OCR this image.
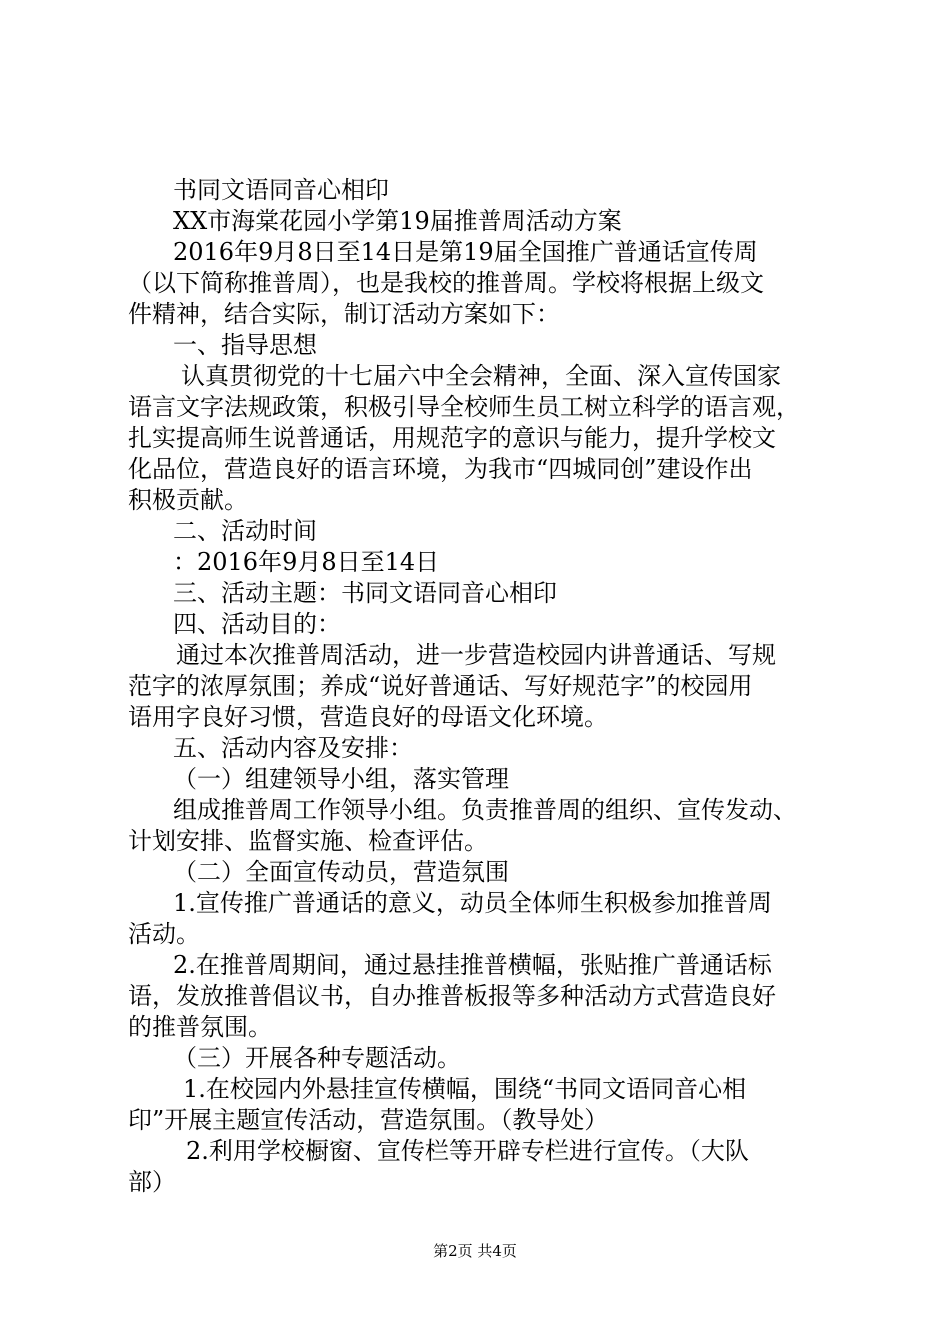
书同文语同音心相印
XX市海棠花园小学第19届推普周活动方案
2016年9月8日至14日是第19届全国推广普通话宣传周
（以下简称推普周），也是我校的推普周。学校将根据上级文
件精神，结合实际，制订活动方案如下：
一、指导思想
认真贯彻党的十七届六中全会精神，全面、深入宣传国家
语言文字法规政策，积极引导全校师生员工树立科学的语言观，
扎实提高师生说普通话，用规范字的意识与能力，提升学校文
化品位，营造良好的语言环境，为我市“四城同创”建设作出
积极贡献。
二、活动时间
：2016年9月8日至14日
三、活动主题：书同文语同音心相印
四、活动目的：
通过本次推普周活动，进一步营造校园内讲普通话、写规
范字的浓厚氛围；养成“说好普通话、写好规范字”的校园用
语用字良好习惯，营造良好的母语文化环境。
五、活动内容及安排：
（一）组建领导小组，落实管理
组成推普周工作领导小组。负责推普周的组织、宣传发动、
计划安排、监督实施、检查评估。
（二）全面宣传动员，营造氛围
1.宣传推广普通话的意义，动员全体师生积极参加推普周
活动。
2.在推普周期间，通过悬挂推普横幅，张贴推广普通话标
语，发放推普倡议书，自办推普板报等多种活动方式营造良好
的推普氛围。
（三）开展各种专题活动。
1.在校园内外悬挂宣传横幅，围绕“书同文语同音心相
印”开展主题宣传活动，营造氛围。（教导处）
2.利用学校橱窗、宣传栏等开辟专栏进行宣传。（大队
部）
第2页 共4页
